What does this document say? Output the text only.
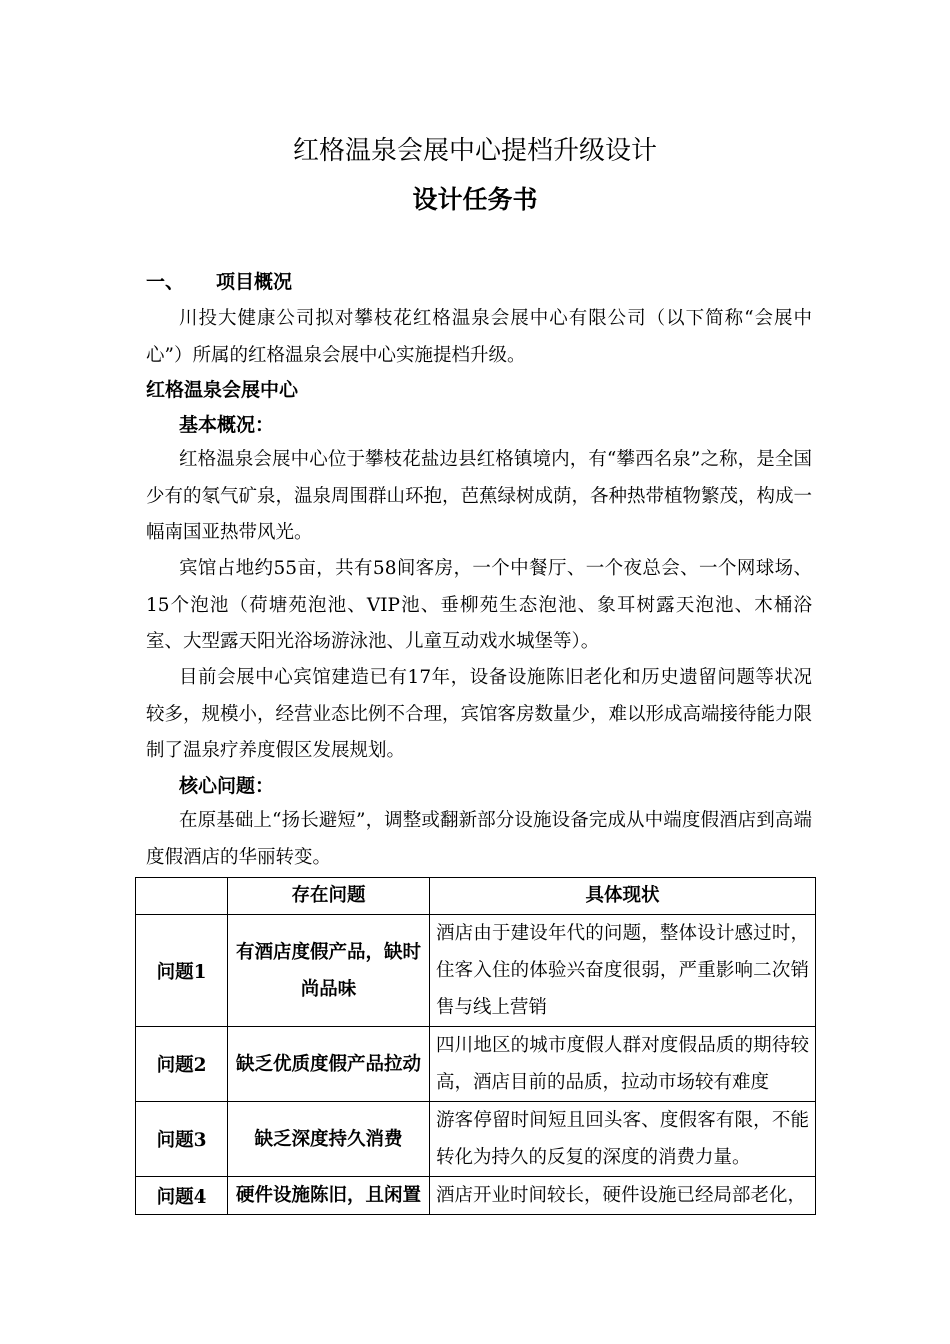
红格温泉会展中心提档升级设计
设计任务书
一、 项目概况
川投大健康公司拟对攀枝花红格温泉会展中心有限公司（以下简称“会展中心”）所属的红格温泉会展中心实施提档升级。
红格温泉会展中心
基本概况：
红格温泉会展中心位于攀枝花盐边县红格镇境内，有“攀西名泉”之称，是全国少有的氡气矿泉，温泉周围群山环抱，芭蕉绿树成荫，各种热带植物繁茂，构成一幅南国亚热带风光。
宾馆占地约55亩，共有58间客房，一个中餐厅、一个夜总会、一个网球场、15个泡池（荷塘苑泡池、VIP池、垂柳苑生态泡池、象耳树露天泡池、木桶浴室、大型露天阳光浴场游泳池、儿童互动戏水城堡等）。
目前会展中心宾馆建造已有17年，设备设施陈旧老化和历史遗留问题等状况较多，规模小，经营业态比例不合理，宾馆客房数量少，难以形成高端接待能力限制了温泉疗养度假区发展规划。
核心问题：
在原基础上“扬长避短”，调整或翻新部分设施设备完成从中端度假酒店到高端度假酒店的华丽转变。
	存在问题	具体现状
问题1	有酒店度假产品，缺时尚品味	酒店由于建设年代的问题，整体设计感过时，住客入住的体验兴奋度很弱，严重影响二次销售与线上营销
问题2	缺乏优质度假产品拉动	四川地区的城市度假人群对度假品质的期待较高，酒店目前的品质，拉动市场较有难度
问题3	缺乏深度持久消费	游客停留时间短且回头客、度假客有限，不能转化为持久的反复的深度的消费力量。
问题4	硬件设施陈旧，且闲置	酒店开业时间较长，硬件设施已经局部老化，
